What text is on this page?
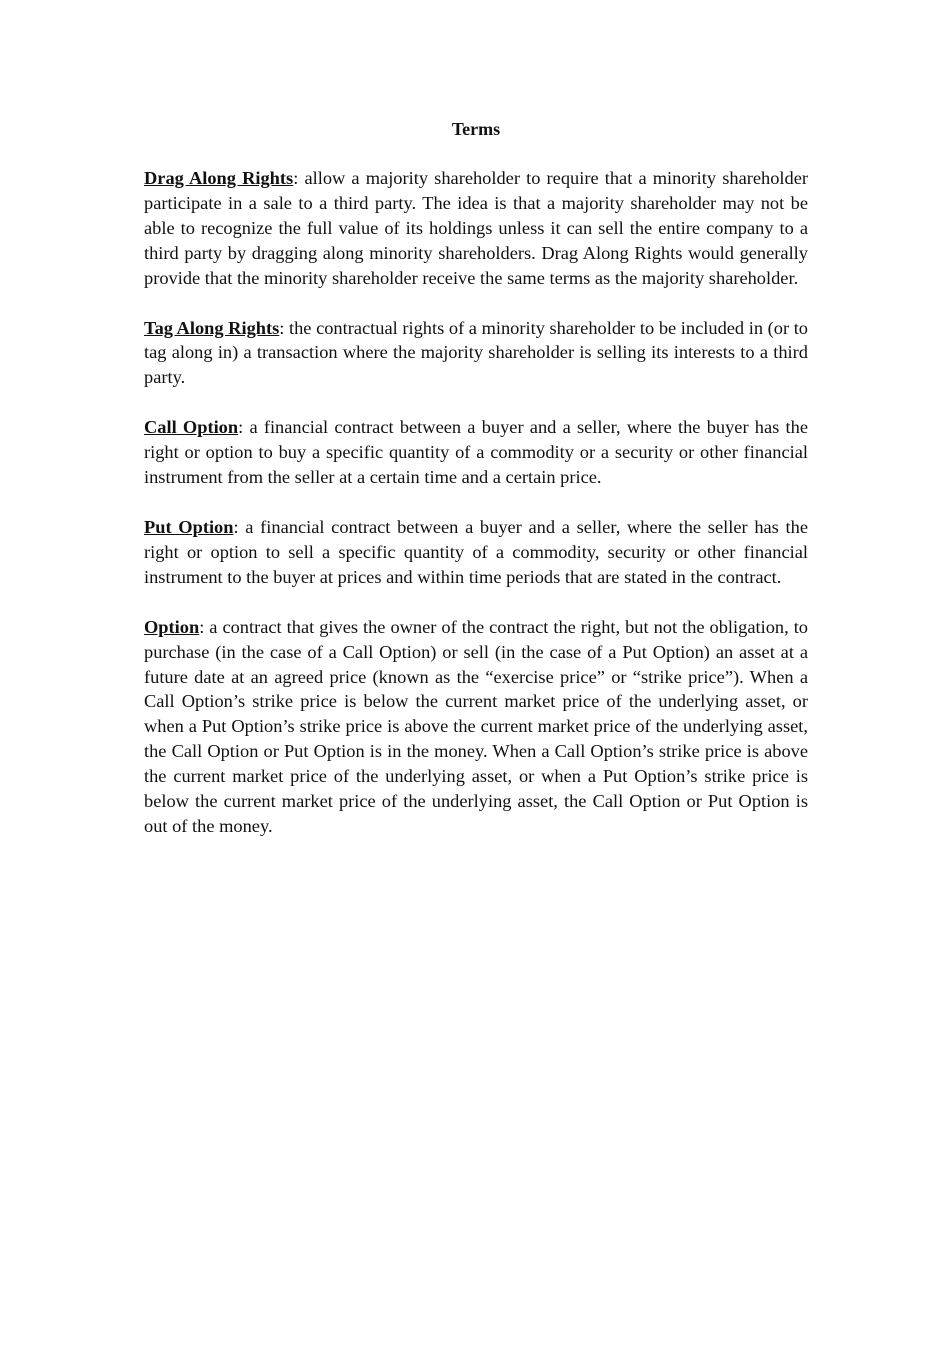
Terms

Drag Along Rights: allow a majority shareholder to require that a minority shareholder participate in a sale to a third party. The idea is that a majority shareholder may not be able to recognize the full value of its holdings unless it can sell the entire company to a third party by dragging along minority shareholders. Drag Along Rights would generally provide that the minority shareholder receive the same terms as the majority shareholder.

Tag Along Rights: the contractual rights of a minority shareholder to be included in (or to tag along in) a transaction where the majority shareholder is selling its interests to a third party.

Call Option: a financial contract between a buyer and a seller, where the buyer has the right or option to buy a specific quantity of a commodity or a security or other financial instrument from the seller at a certain time and a certain price.

Put Option: a financial contract between a buyer and a seller, where the seller has the right or option to sell a specific quantity of a commodity, security or other financial instrument to the buyer at prices and within time periods that are stated in the contract.

Option: a contract that gives the owner of the contract the right, but not the obligation, to purchase (in the case of a Call Option) or sell (in the case of a Put Option) an asset at a future date at an agreed price (known as the “exercise price” or “strike price”). When a Call Option’s strike price is below the current market price of the underlying asset, or when a Put Option’s strike price is above the current market price of the underlying asset, the Call Option or Put Option is in the money. When a Call Option’s strike price is above the current market price of the underlying asset, or when a Put Option’s strike price is below the current market price of the underlying asset, the Call Option or Put Option is out of the money.
